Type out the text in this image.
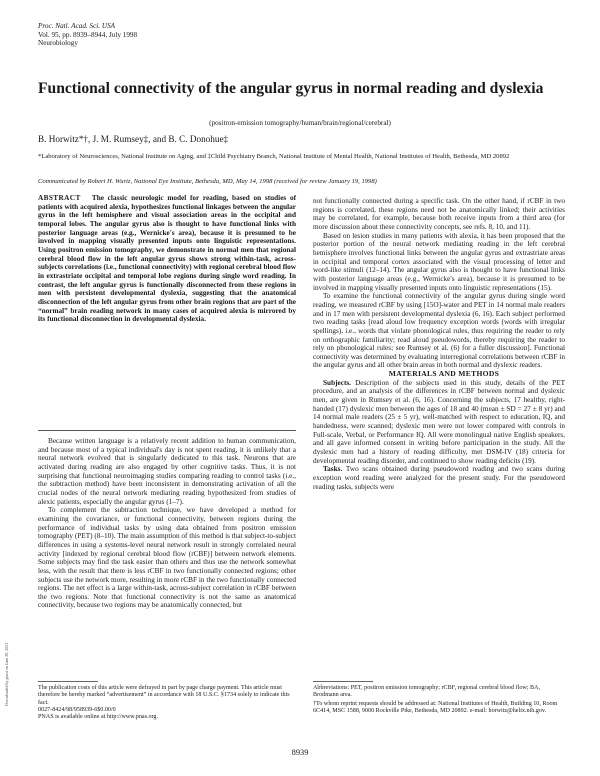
Proc. Natl. Acad. Sci. USA
Vol. 95, pp. 8939–8944, July 1998
Neurobiology
Functional connectivity of the angular gyrus in normal reading and dyslexia
(positron-emission tomography/human/brain/regional/cerebral)
B. Horwitz*†, J. M. Rumsey‡, and B. C. Donohue‡
*Laboratory of Neurosciences, National Institute on Aging, and ‡Child Psychiatry Branch, National Institute of Mental Health, National Institutes of Health, Bethesda, MD 20892
Communicated by Robert H. Wurtz, National Eye Institute, Bethesda, MD, May 14, 1998 (received for review January 19, 1998)

ABSTRACT The classic neurologic model for reading, based on studies of patients with acquired alexia, hypothesizes functional linkages between the angular gyrus in the left hemisphere and visual association areas in the occipital and temporal lobes. The angular gyrus also is thought to have functional links with posterior language areas (e.g., Wernicke's area), because it is presumed to be involved in mapping visually presented inputs onto linguistic representations. Using positron emission tomography, we demonstrate in normal men that regional cerebral blood flow in the left angular gyrus shows strong within-task, across-subjects correlations (i.e., functional connectivity) with regional cerebral blood flow in extrastriate occipital and temporal lobe regions during single word reading. In contrast, the left angular gyrus is functionally disconnected from these regions in men with persistent developmental dyslexia, suggesting that the anatomical disconnection of the left angular gyrus from other brain regions that are part of the “normal” brain reading network in many cases of acquired alexia is mirrored by its functional disconnection in developmental dyslexia.

Because written language is a relatively recent addition to human communication, and because most of a typical individual's day is not spent reading, it is unlikely that a neural network evolved that is singularly dedicated to this task. Neurons that are activated during reading are also engaged by other cognitive tasks. Thus, it is not surprising that functional neuroimaging studies comparing reading to control tasks (i.e., the subtraction method) have been inconsistent in demonstrating activation of all the crucial nodes of the neural network mediating reading hypothesized from studies of alexic patients, especially the angular gyrus (1–7).

To complement the subtraction technique, we have developed a method for examining the covariance, or functional connectivity, between regions during the performance of individual tasks by using data obtained from positron emission tomography (PET) (8–10). The main assumption of this method is that subject-to-subject differences in using a systems-level neural network result in strongly correlated neural activity [indexed by regional cerebral blood flow (rCBF)] between network elements. Some subjects may find the task easier than others and thus use the network somewhat less, with the result that there is less rCBF in two functionally connected regions; other subjects use the network more, resulting in more rCBF in the two functionally connected regions. The net effect is a large within-task, across-subject correlation in rCBF between the two regions. Note that functional connectivity is not the same as anatomical connectivity, because two regions may be anatomically connected, but

not functionally connected during a specific task. On the other hand, if rCBF in two regions is correlated, these regions need not be anatomically linked; their activities may be correlated, for example, because both receive inputs from a third area (for more discussion about these connectivity concepts, see refs. 8, 10, and 11).

Based on lesion studies in many patients with alexia, it has been proposed that the posterior portion of the neural network mediating reading in the left cerebral hemisphere involves functional links between the angular gyrus and extrastriate areas in occipital and temporal cortex associated with the visual processing of letter and word-like stimuli (12–14). The angular gyrus also is thought to have functional links with posterior language areas (e.g., Wernicke's area), because it is presumed to be involved in mapping visually presented inputs onto linguistic representations (15).

To examine the functional connectivity of the angular gyrus during single word reading, we measured rCBF by using [15O]-water and PET in 14 normal male readers and in 17 men with persistent developmental dyslexia (6, 16). Each subject performed two reading tasks [read aloud low frequency exception words (words with irregular spellings), i.e., words that violate phonological rules, thus requiring the reader to rely on orthographic familiarity; read aloud pseudowords, thereby requiring the reader to rely on phonological rules; see Rumsey et al. (6) for a fuller discussion]. Functional connectivity was determined by evaluating interregional correlations between rCBF in the angular gyrus and all other brain areas in both normal and dyslexic readers.

MATERIALS AND METHODS

Subjects. Description of the subjects used in this study, details of the PET procedure, and an analysis of the differences in rCBF between normal and dyslexic men, are given in Rumsey et al. (6, 16). Concerning the subjects, 17 healthy, right-handed (17) dyslexic men between the ages of 18 and 40 (mean ± SD = 27 ± 8 yr) and 14 normal male readers (25 ± 5 yr), well-matched with respect to education, IQ, and handedness, were scanned; dyslexic men were not lower compared with controls in Full-scale, Verbal, or Performance IQ. All were monolingual native English speakers, and all gave informed consent in writing before participation in the study. All the dyslexic men had a history of reading difficulty, met DSM-IV (18) criteria for developmental reading disorder, and continued to show reading deficits (19).

Tasks. Two scans obtained during pseudoword reading and two scans during exception word reading were analyzed for the present study. For the pseudoword reading tasks, subjects were

The publication costs of this article were defrayed in part by page charge payment. This article must therefore be hereby marked “advertisement” in accordance with 18 U.S.C. §1734 solely to indicate this fact.

0027-8424/98/958939-6$0.00/0

PNAS is available online at http://www.pnas.org.

Abbreviations: PET, positron emission tomography; rCBF, regional cerebral blood flow; BA, Brodmann area.

†To whom reprint requests should be addressed at: National Institutes of Health, Building 10, Room 6C414, MSC 1588, 9000 Rockville Pike, Bethesda, MD 20892. e-mail: horwitz@helix.nih.gov.

8939
Downloaded by guest on June 28, 2021
